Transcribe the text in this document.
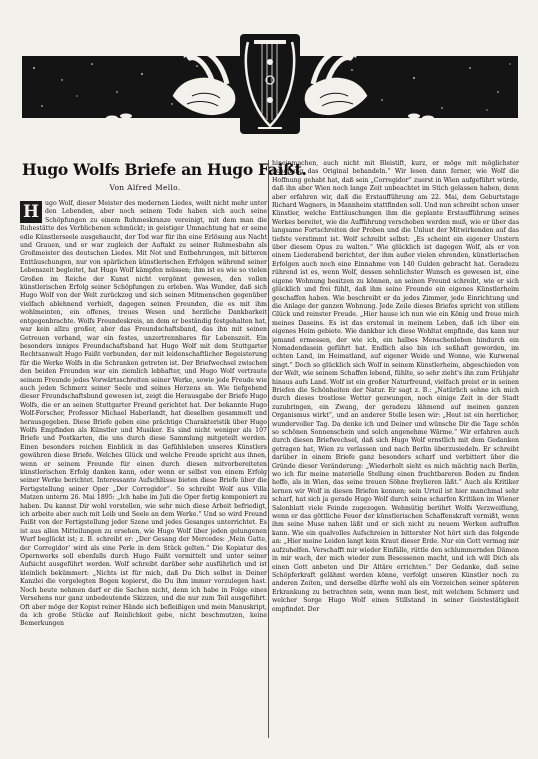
Hugo Wolfs Briefe an Hugo Faißt.

Von Alfred Mello.

H ugo Wolf, dieser Meister des modernen Liedes, weilt nicht mehr unter den Lebenden, aber noch seinem Tode haben sich auch seine Schöpfungen zu einem Ruhmeskranze vereinigt, mit dem man die Ruhestätte des Verblichenen schmückt; in geistiger Umnachtung hat er seine edle Künstlerseele ausgehaucht, der Tod war für ihn eine Erlösung aus Nacht und Grauen, und er war zugleich der Auftakt zu seiner Ruhmesbahn als Großmeister des deutschen Liedes. Mit Not und Entbehrungen, mit bitteren Enttäuschungen, nur von spärlichen künstlerischen Erfolgen während seiner Lebenszeit begleitet, hat Hugo Wolf kämpfen müssen; ihm ist es wie so vielen Großen im Reiche der Kunst nicht vergönnt gewesen, den vollen künstlerischen Erfolg seiner Schöpfungen zu erleben. Was Wunder, daß sich Hugo Wolf von der Welt zurückzog und sich seinen Mitmenschen gegenüber vielfach ablehnend verhielt, dagegen seinen Freunden, die es mit ihm wohlmeinten, ein offenes, treues Wesen und herzliche Dankbarkeit entgegenbrachte. Wolfs Freundeskreis, an dem er beständig festgehalten hat, war kein allzu großer, aber das Freundschaftsband, das ihn mit seinen Getreuen verband, war ein festes, unzertrennbares für Lebenszeit. Ein besonders inniges Freundschaftsband hat Hugo Wolf mit dem Stuttgarter Rechtsanwalt Hugo Faißt verbunden, der mit leidenschaftlicher Begeisterung für die Werke Wolfs in die Schranken getreten ist. Der Briefwechsel zwischen den beiden Freunden war ein ziemlich lebhafter, und Hugo Wolf vertraute seinem Freunde jedes Vorwärtsschreiten seiner Werke, sowie jede Freude wie auch jeden Schmerz seiner Seele und seines Herzens an. Wie tiefgehend dieser Freundschaftsbund gewesen ist, zeigt die Herausgabe der Briefe Hugo Wolfs, die er an seinen Stuttgarter Freund gerichtet hat. Der bekannte Hugo Wolf-Forscher, Professor Michael Haberlandt, hat dieselben gesammelt und herausgegeben. Diese Briefe geben eine prächtige Charakteristik über Hugo Wolfs Empfinden als Künstler und Musiker. Es sind nicht weniger als 107 Briefe und Postkarten, die uns durch diese Sammlung mitgeteilt werden. Einen besonders reichen Einblick in das Gefühlsleben unseres Künstlers gewähren diese Briefe. Welches Glück und welche Freude spricht aus ihnen, wenn er seinem Freunde für einen durch diesen mitvorbereiteten künstlerischen Erfolg danken kann, oder wenn er selbst von einem Erfolg seiner Werke berichtet. Interessante Aufschlüsse bieten diese Briefe über die Fertigstellung seiner Oper „Der Corregidor“. So schreibt Wolf aus Villa Matzen unterm 26. Mai 1895: „Ich habe im Juli die Oper fertig komponiert zu haben. Du kannst Dir wohl vorstellen, wie sehr mich diese Arbeit befriedigt, ich arbeite aber auch mit Leib und Seele an dem Werke.“ Und so wird Freund Faißt von der Fertigstellung jeder Szene und jedes Gesanges unterrichtet. Es ist aus allen Mitteilungen zu ersehen, wie Hugo Wolf über jeden gelungenen Wurf beglückt ist; z. B. schreibt er: „Der Gesang der Mercedes: ‚Mein Gatte, der Corregidor‘ wird als eine Perle in dem Stück gelten.“ Die Kopiatur des Opernwerks soll ebenfalls durch Hugo Faißt vermittelt und unter seiner Aufsicht ausgeführt werden. Wolf schreibt darüber sehr ausführlich und ist kleinlich bekümmert: „Nichts ist für mich, daß Du Dich selbst in Deiner Kanzlei die vorgelegten Bogen kopierst, die Du ihm immer vorzulegen hast. Noch heute nehmen darf er die Sachen nicht, denn ich habe in Folge eines Versehens nur ganz unbedeutende Skizzen, und die nur zum Teil ausgeführt. Oft aber möge der Kopist reiner Hände sich befleißigen und mein Manuskript, da ich große Stücke auf Reinlichkeit gebe, nicht beschmutzen, keine Bemerkungen
hineinmachen, auch nicht mit Bleistift, kurz, er möge mit möglichster Schonung das Original behandeln.“ Wir lesen dann ferner, wie Wolf die Hoffnung gehabt hat, daß sein „Corregidor“ zuerst in Wien aufgeführt würde, daß ihn aber Wien noch lange Zeit unbeachtet im Stich gelassen haben, denn aber erfahren wir, daß die Erstaufführung am 22. Mai, dem Geburtstage Richard Wagners, in Mannheim stattfinden soll. Und nun schreibt schon unser Künstler, welche Enttäuschungen ihm die geplante Erstaufführung seines Werkes bereitet, wie die Aufführung verschoben werden muß, wie er über das langsame Fortschreiten der Proben und die Unlust der Mitwirkenden auf das tiefste verstimmt ist. Wolf schreibt selbst: „Es scheint ein eigener Unstern über diesem Opus zu walten.“ Wie glücklich ist dagegen Wolf, als er von einem Liederabend berichtet, der ihm außer vielen ehrenden, künstlerischen Erfolgen auch noch eine Einnahme von 140 Gulden gebracht hat. Geradezu rührend ist es, wenn Wolf, dessen sehnlichster Wunsch es gewesen ist, eine eigene Wohnung besitzen zu können, an seinen Freund schreibt, wie er sich glücklich und frei fühlt, daß ihm seine Freunde ein eigenes Künstlerheim geschaffen haben. Wie beschreibt er da jedes Zimmer, jede Einrichtung und die Anlage der ganzen Wohnung. Jede Zeile dieses Briefes spricht von stillem Glück und reinster Freude. „Hier hause ich nun wie ein König und freue mich meines Daseins. Es ist das erstemal in meinem Leben, daß ich über ein eigenes Heim gebiete. Wie dankbar ich diese Wohltat empfinde, das kann nur jemand ermessen, der wie ich, ein halbes Menschenleben hindurch ein Nomadendasein geführt hat. Endlich also bin ich seßhaft geworden, im echten Land, im Heimatland, auf eigener Weide und Wonne, wie Kurwenal singt.“ Doch so glücklich sich Wolf in seinem Künstlerheim, abgeschieden von der Welt, wie seinem Schaffen lebend, fühlte, so sehr zieht's ihn zum Frühjahr hinaus aufs Land. Wolf ist ein großer Naturfreund, vielfach preist er in seinen Briefen die Schönheiten der Natur. Er sagt z. B.: „Natürlich sehne ich mich durch dieses trostlose Wetter gezwungen, noch einige Zeit in der Stadt zuzubringen, ein Zwang, der geradezu lähmend auf meinen ganzen Organismus wirkt“, und an anderer Stelle lesen wir: „Heut ist ein herrlicher, wundervoller Tag. Da denke ich und Deiner und wünsche Dir die Tage schön so schönen Sonnenschein und solch angenehme Wärme.“ Wir erfahren auch durch diesen Briefwechsel, daß sich Hugo Wolf ernstlich mit dem Gedanken getragen hat, Wien zu verlassen und nach Berlin überzusiedeln. Er schreibt darüber in einem Briefe ganz besonders scharf und verbittert über die Gründe dieser Veränderung: „Wiederholt sieht es mich mächtig nach Berlin, wo ich für meine materielle Stellung einen fruchtbareren Boden zu finden hoffe, als in Wien, das seine treuen Söhne freylieren läßt.“ Auch als Kritiker lernen wir Wolf in diesen Briefen kennen; sein Urteil ist hier manchmal sehr scharf, hat sich ja gerade Hugo Wolf durch seine scharfen Kritiken im Wiener Salonblatt viele Feinde zugezogen. Wehmütig berührt Wolfs Verzweiflung, wenn er das göttliche Feuer der künstlerischen Schaffenskraft vermißt, wenn ihm seine Muse nahen läßt und er sich nicht zu neuem Werken aufraffen kann. Wie ein qualvolles Aufschreien in bitterster Not hört sich das folgende an: „Hier meine Leiden langt kein Kraut dieser Erde. Nur ein Gott vermag mir aufzuhelfen. Verschafft mir wieder Einfälle, rüttle den schlummernden Dämon in mir wach, der mich wieder zum Besessenen macht, und ich will Dich als einen Gott anbeten und Dir Altäre errichten.“ Der Gedanke, daß seine Schöpferkraft gelähmt werden könne, verfolgt unseren Künstler noch zu anderen Zeiten, und derselbe dürfte wohl als ein Vorzeichen seiner späteren Erkrankung zu betrachten sein, wenn man liest, mit welchem Schmerz und welcher Sorge Hugo Wolf einen Stillstand in seiner Geistestätigkeit empfindet. Der
